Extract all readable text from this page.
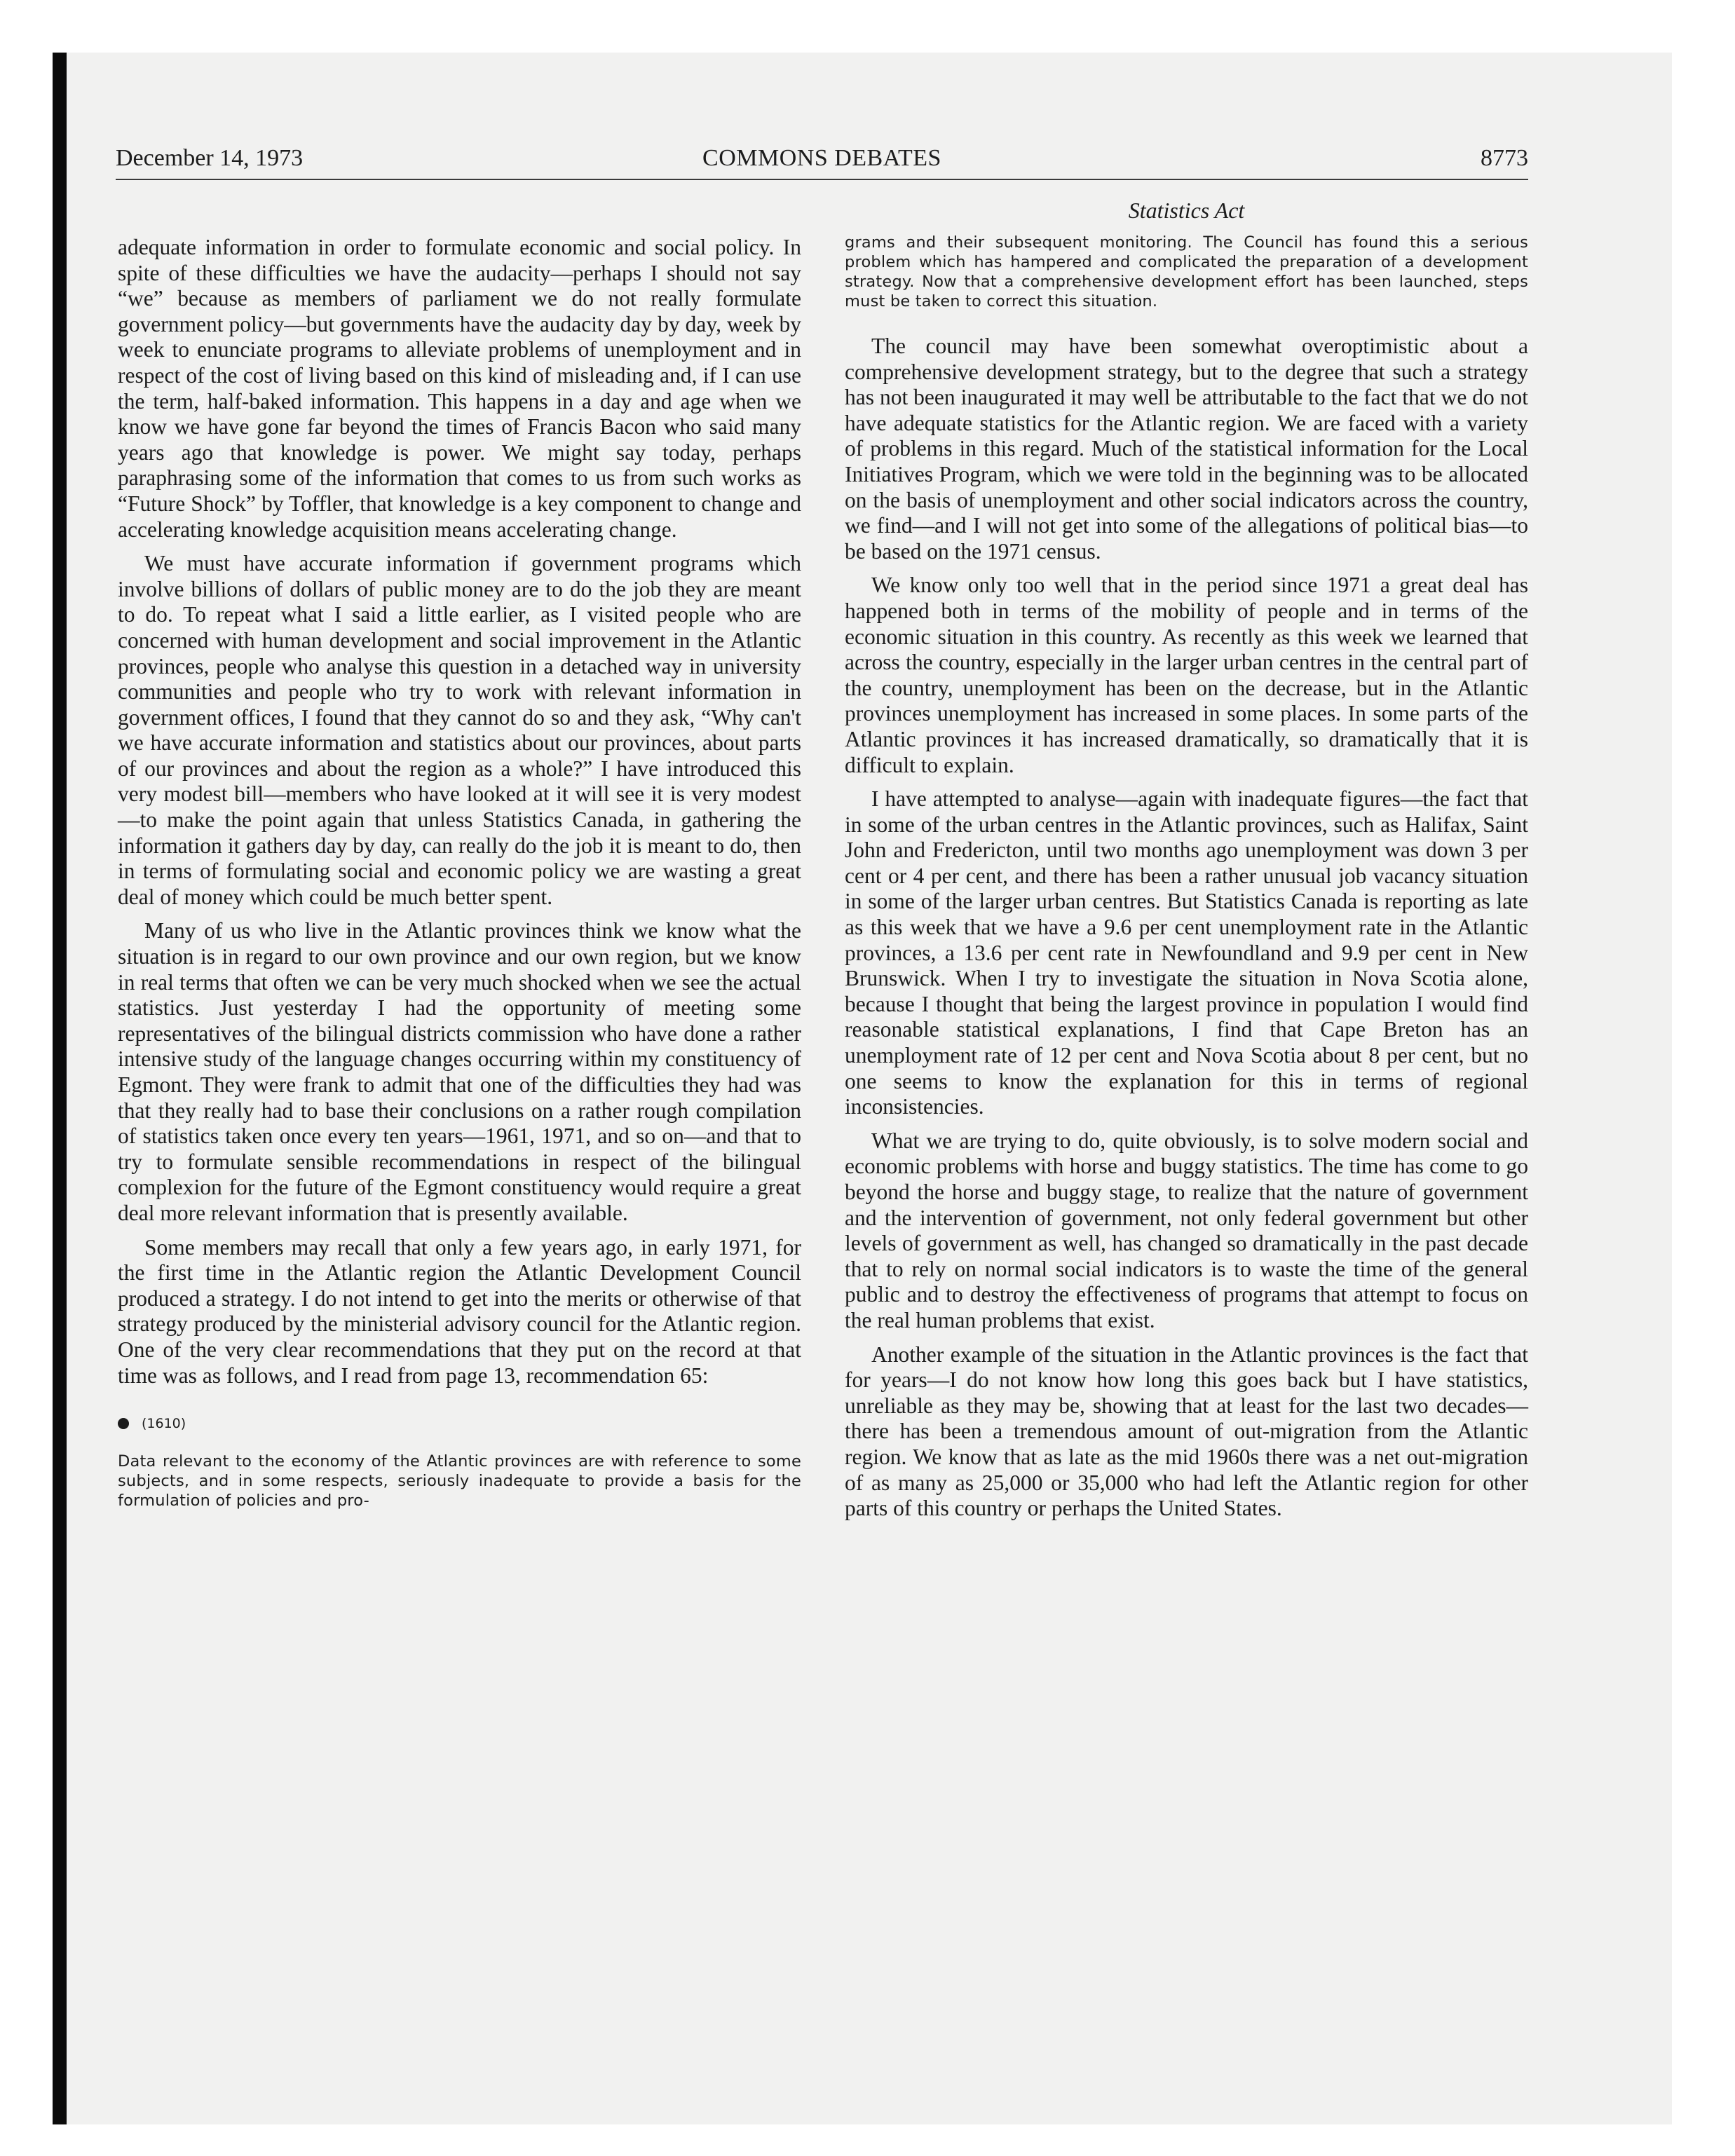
December 14, 1973	COMMONS DEBATES	8773

adequate information in order to formulate economic and social policy. In spite of these difficulties we have the audacity—perhaps I should not say “we” because as members of parliament we do not really formulate government policy—but governments have the audacity day by day, week by week to enunciate programs to alleviate problems of unemployment and in respect of the cost of living based on this kind of misleading and, if I can use the term, half-baked information. This happens in a day and age when we know we have gone far beyond the times of Francis Bacon who said many years ago that knowledge is power. We might say today, perhaps paraphrasing some of the information that comes to us from such works as “Future Shock” by Toffler, that knowledge is a key component to change and accelerating knowledge acquisition means accelerating change.

We must have accurate information if government programs which involve billions of dollars of public money are to do the job they are meant to do. To repeat what I said a little earlier, as I visited people who are concerned with human development and social improvement in the Atlantic provinces, people who analyse this question in a detached way in university communities and people who try to work with relevant information in government offices, I found that they cannot do so and they ask, “Why can't we have accurate information and statistics about our provinces, about parts of our provinces and about the region as a whole?” I have introduced this very modest bill—members who have looked at it will see it is very modest—to make the point again that unless Statistics Canada, in gathering the information it gathers day by day, can really do the job it is meant to do, then in terms of formulating social and economic policy we are wasting a great deal of money which could be much better spent.

Many of us who live in the Atlantic provinces think we know what the situation is in regard to our own province and our own region, but we know in real terms that often we can be very much shocked when we see the actual statistics. Just yesterday I had the opportunity of meeting some representatives of the bilingual districts commission who have done a rather intensive study of the language changes occurring within my constituency of Egmont. They were frank to admit that one of the difficulties they had was that they really had to base their conclusions on a rather rough compilation of statistics taken once every ten years—1961, 1971, and so on—and that to try to formulate sensible recommendations in respect of the bilingual complexion for the future of the Egmont constituency would require a great deal more relevant information that is presently available.

Some members may recall that only a few years ago, in early 1971, for the first time in the Atlantic region the Atlantic Development Council produced a strategy. I do not intend to get into the merits or otherwise of that strategy produced by the ministerial advisory council for the Atlantic region. One of the very clear recommendations that they put on the record at that time was as follows, and I read from page 13, recommendation 65:

(1610)

Data relevant to the economy of the Atlantic provinces are with reference to some subjects, and in some respects, seriously inadequate to provide a basis for the formulation of policies and pro-

Statistics Act

grams and their subsequent monitoring. The Council has found this a serious problem which has hampered and complicated the preparation of a development strategy. Now that a comprehensive development effort has been launched, steps must be taken to correct this situation.

The council may have been somewhat overoptimistic about a comprehensive development strategy, but to the degree that such a strategy has not been inaugurated it may well be attributable to the fact that we do not have adequate statistics for the Atlantic region. We are faced with a variety of problems in this regard. Much of the statistical information for the Local Initiatives Program, which we were told in the beginning was to be allocated on the basis of unemployment and other social indicators across the country, we find—and I will not get into some of the allegations of political bias—to be based on the 1971 census.

We know only too well that in the period since 1971 a great deal has happened both in terms of the mobility of people and in terms of the economic situation in this country. As recently as this week we learned that across the country, especially in the larger urban centres in the central part of the country, unemployment has been on the decrease, but in the Atlantic provinces unemployment has increased in some places. In some parts of the Atlantic provinces it has increased dramatically, so dramatically that it is difficult to explain.

I have attempted to analyse—again with inadequate figures—the fact that in some of the urban centres in the Atlantic provinces, such as Halifax, Saint John and Fredericton, until two months ago unemployment was down 3 per cent or 4 per cent, and there has been a rather unusual job vacancy situation in some of the larger urban centres. But Statistics Canada is reporting as late as this week that we have a 9.6 per cent unemployment rate in the Atlantic provinces, a 13.6 per cent rate in Newfoundland and 9.9 per cent in New Brunswick. When I try to investigate the situation in Nova Scotia alone, because I thought that being the largest province in population I would find reasonable statistical explanations, I find that Cape Breton has an unemployment rate of 12 per cent and Nova Scotia about 8 per cent, but no one seems to know the explanation for this in terms of regional inconsistencies.

What we are trying to do, quite obviously, is to solve modern social and economic problems with horse and buggy statistics. The time has come to go beyond the horse and buggy stage, to realize that the nature of government and the intervention of government, not only federal government but other levels of government as well, has changed so dramatically in the past decade that to rely on normal social indicators is to waste the time of the general public and to destroy the effectiveness of programs that attempt to focus on the real human problems that exist.

Another example of the situation in the Atlantic provinces is the fact that for years—I do not know how long this goes back but I have statistics, unreliable as they may be, showing that at least for the last two decades—there has been a tremendous amount of out-migration from the Atlantic region. We know that as late as the mid 1960s there was a net out-migration of as many as 25,000 or 35,000 who had left the Atlantic region for other parts of this country or perhaps the United States.
